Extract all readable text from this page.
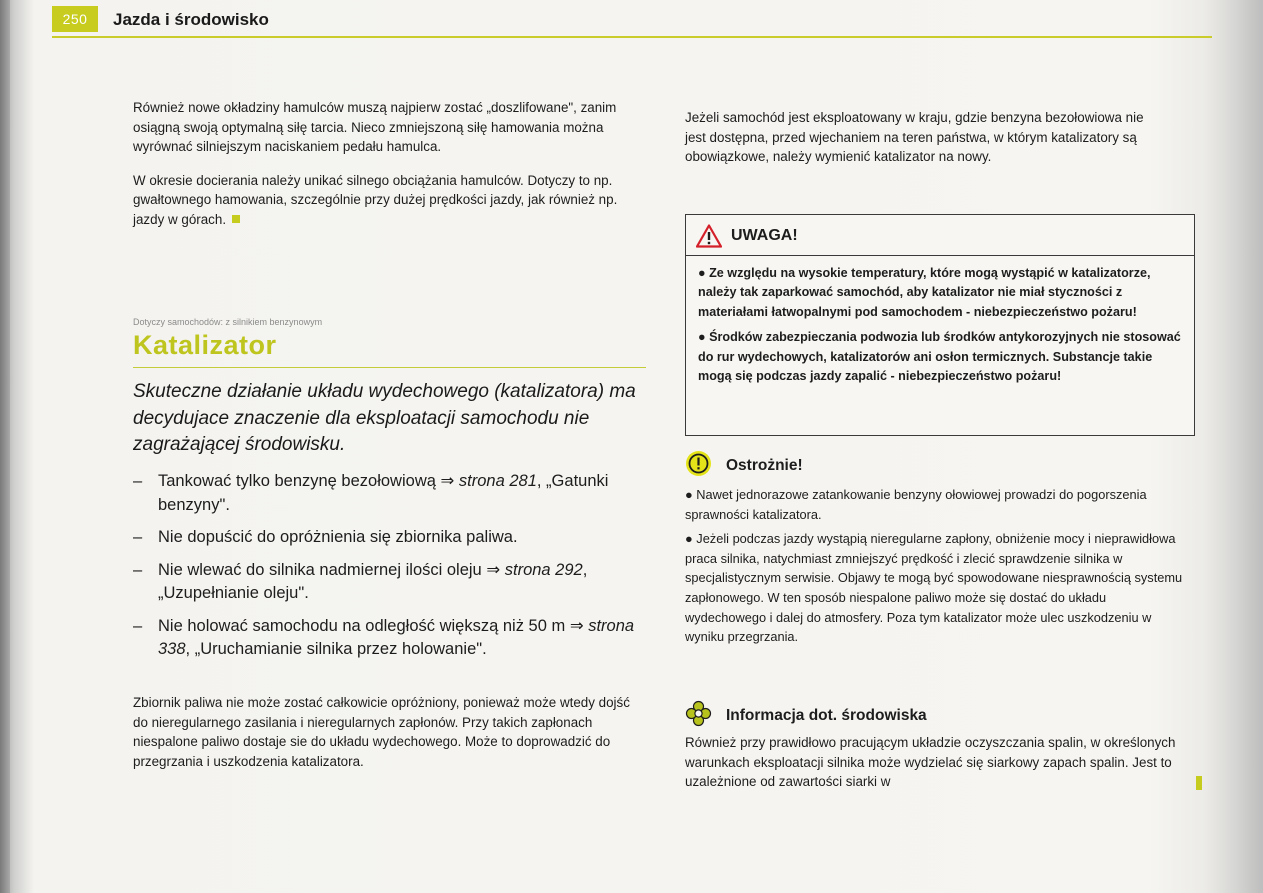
250	Jazda i środowisko

Również nowe okładziny hamulców muszą najpierw zostać „doszlifowane", zanim osiągną swoją optymalną siłę tarcia. Nieco zmniejszoną siłę hamowania można wyrównać silniejszym naciskaniem pedału hamulca.

W okresie docierania należy unikać silnego obciążania hamulców. Dotyczy to np. gwałtownego hamowania, szczególnie przy dużej prędkości jazdy, jak również np. jazdy w górach.

Dotyczy samochodów: z silnikiem benzynowym
Katalizator
Skuteczne działanie układu wydechowego (katalizatora) ma decydujace znaczenie dla eksploatacji samochodu nie zagrażającej środowisku.
– Tankować tylko benzynę bezołowiową ⇒ strona 281, „Gatunki benzyny".
– Nie dopuścić do opróżnienia się zbiornika paliwa.
– Nie wlewać do silnika nadmiernej ilości oleju ⇒ strona 292, „Uzupełnianie oleju".
– Nie holować samochodu na odległość większą niż 50 m ⇒ strona 338, „Uruchamianie silnika przez holowanie".

Zbiornik paliwa nie może zostać całkowicie opróżniony, ponieważ może wtedy dojść do nieregularnego zasilania i nieregularnych zapłonów. Przy takich zapłonach niespalone paliwo dostaje sie do układu wydechowego. Może to doprowadzić do przegrzania i uszkodzenia katalizatora.

Jeżeli samochód jest eksploatowany w kraju, gdzie benzyna bezołowiowa nie jest dostępna, przed wjechaniem na teren państwa, w którym katalizatory są obowiązkowe, należy wymienić katalizator na nowy.

UWAGA!

● Ze względu na wysokie temperatury, które mogą wystąpić w katalizatorze, należy tak zaparkować samochód, aby katalizator nie miał styczności z materiałami łatwopalnymi pod samochodem - niebezpieczeństwo pożaru!

● Środków zabezpieczania podwozia lub środków antykorozyjnych nie stosować do rur wydechowych, katalizatorów ani osłon termicznych. Substancje takie mogą się podczas jazdy zapalić - niebezpieczeństwo pożaru!

Ostrożnie!

● Nawet jednorazowe zatankowanie benzyny ołowiowej prowadzi do pogorszenia sprawności katalizatora.

● Jeżeli podczas jazdy wystąpią nieregularne zapłony, obniżenie mocy i nieprawidłowa praca silnika, natychmiast zmniejszyć prędkość i zlecić sprawdzenie silnika w specjalistycznym serwisie. Objawy te mogą być spowodowane niesprawnością systemu zapłonowego. W ten sposób niespalone paliwo może się dostać do układu wydechowego i dalej do atmosfery. Poza tym katalizator może ulec uszkodzeniu w wyniku przegrzania.

Informacja dot. środowiska

Również przy prawidłowo pracującym układzie oczyszczania spalin, w określonych warunkach eksploatacji silnika może wydzielać się siarkowy zapach spalin. Jest to uzależnione od zawartości siarki w
